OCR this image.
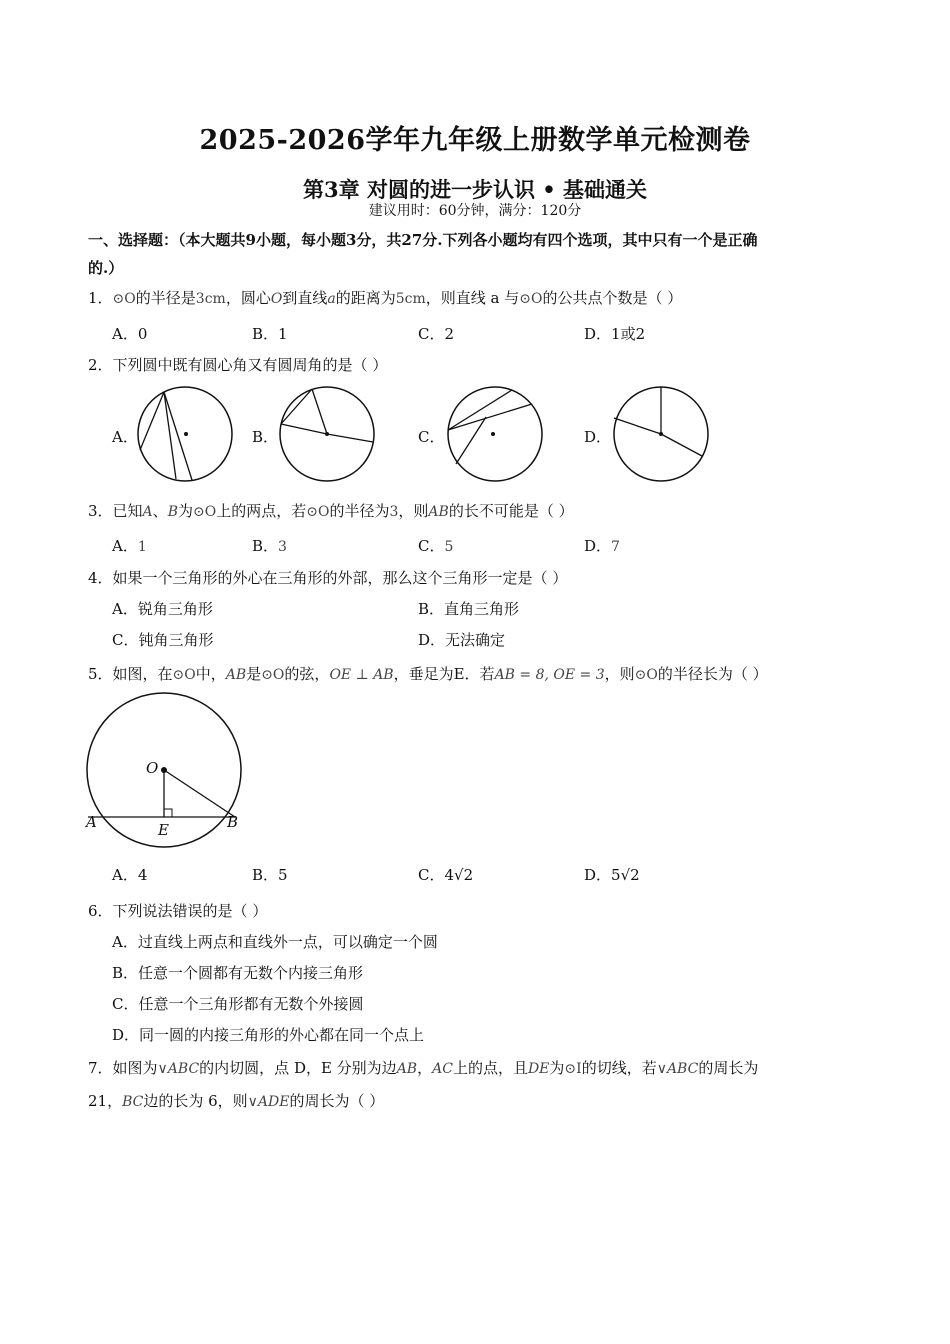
2025-2026学年九年级上册数学单元检测卷
第3章 对圆的进一步认识 • 基础通关
建议用时：60分钟，满分：120分
一、选择题：（本大题共9小题，每小题3分，共27分.下列各小题均有四个选项，其中只有一个是正确
的.）
1．⊙O的半径是3cm，圆心O到直线a的距离为5cm，则直线 a 与⊙O的公共点个数是（ ）
A．0	B．1	C．2	D．1或2
2．下列圆中既有圆心角又有圆周角的是（ ）
A．	B．	C．	D．
3．已知A、B为⊙O上的两点，若⊙O的半径为3，则AB的长不可能是（ ）
A．1	B．3	C．5	D．7
4．如果一个三角形的外心在三角形的外部，那么这个三角形一定是（ ）
A．锐角三角形	B．直角三角形
C．钝角三角形	D．无法确定
5．如图，在⊙O中，AB是⊙O的弦，OE ⊥ AB，垂足为E．若AB = 8, OE = 3，则⊙O的半径长为（ ）
O
A	B
E
A．4	B．5	C．4√2	D．5√2
6．下列说法错误的是（ ）
A．过直线上两点和直线外一点，可以确定一个圆
B．任意一个圆都有无数个内接三角形
C．任意一个三角形都有无数个外接圆
D．同一圆的内接三角形的外心都在同一个点上
7．如图为∨ABC的内切圆，点 D，E 分别为边AB，AC上的点，且DE为⊙I的切线，若∨ABC的周长为
21，BC边的长为 6，则∨ADE的周长为（ ）
